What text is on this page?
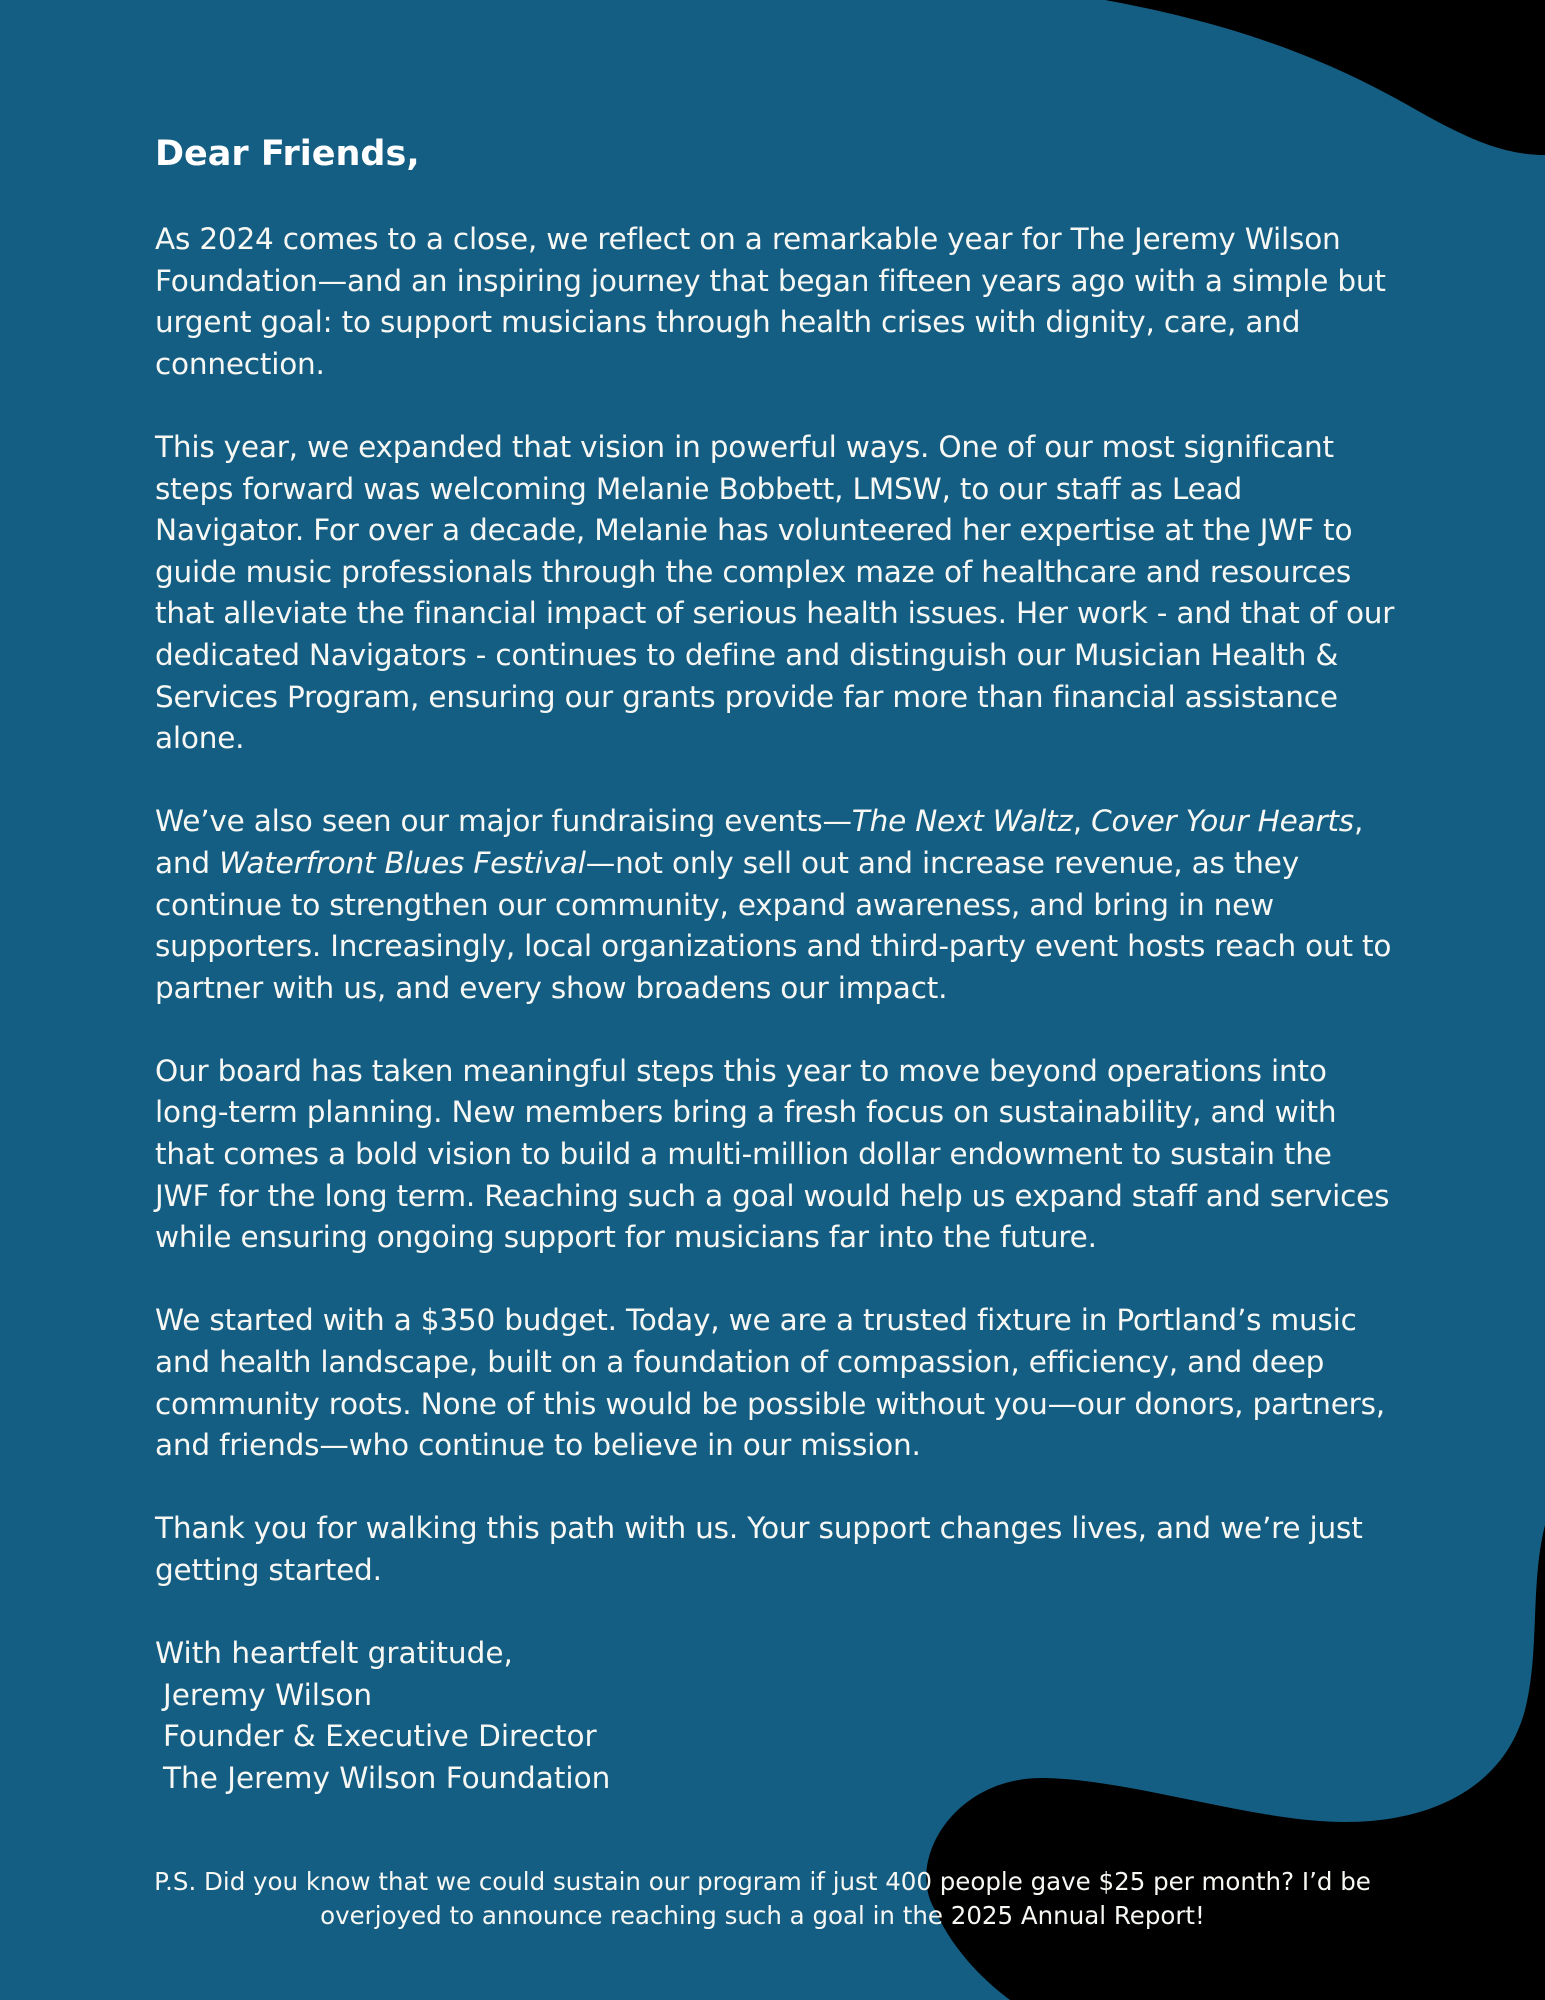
Dear Friends,

As 2024 comes to a close, we reflect on a remarkable year for The Jeremy Wilson Foundation—and an inspiring journey that began fifteen years ago with a simple but urgent goal: to support musicians through health crises with dignity, care, and connection.

This year, we expanded that vision in powerful ways. One of our most significant steps forward was welcoming Melanie Bobbett, LMSW, to our staff as Lead Navigator. For over a decade, Melanie has volunteered her expertise at the JWF to guide music professionals through the complex maze of healthcare and resources that alleviate the financial impact of serious health issues. Her work - and that of our dedicated Navigators - continues to define and distinguish our Musician Health & Services Program, ensuring our grants provide far more than financial assistance alone.

We’ve also seen our major fundraising events—The Next Waltz, Cover Your Hearts, and Waterfront Blues Festival—not only sell out and increase revenue, as they continue to strengthen our community, expand awareness, and bring in new supporters. Increasingly, local organizations and third-party event hosts reach out to partner with us, and every show broadens our impact.

Our board has taken meaningful steps this year to move beyond operations into long-term planning. New members bring a fresh focus on sustainability, and with that comes a bold vision to build a multi-million dollar endowment to sustain the JWF for the long term. Reaching such a goal would help us expand staff and services while ensuring ongoing support for musicians far into the future.

We started with a $350 budget. Today, we are a trusted fixture in Portland’s music and health landscape, built on a foundation of compassion, efficiency, and deep community roots. None of this would be possible without you—our donors, partners, and friends—who continue to believe in our mission.

Thank you for walking this path with us. Your support changes lives, and we’re just getting started.

With heartfelt gratitude,

Jeremy Wilson

Founder & Executive Director

The Jeremy Wilson Foundation

P.S. Did you know that we could sustain our program if just 400 people gave $25 per month? I’d be overjoyed to announce reaching such a goal in the 2025 Annual Report!
